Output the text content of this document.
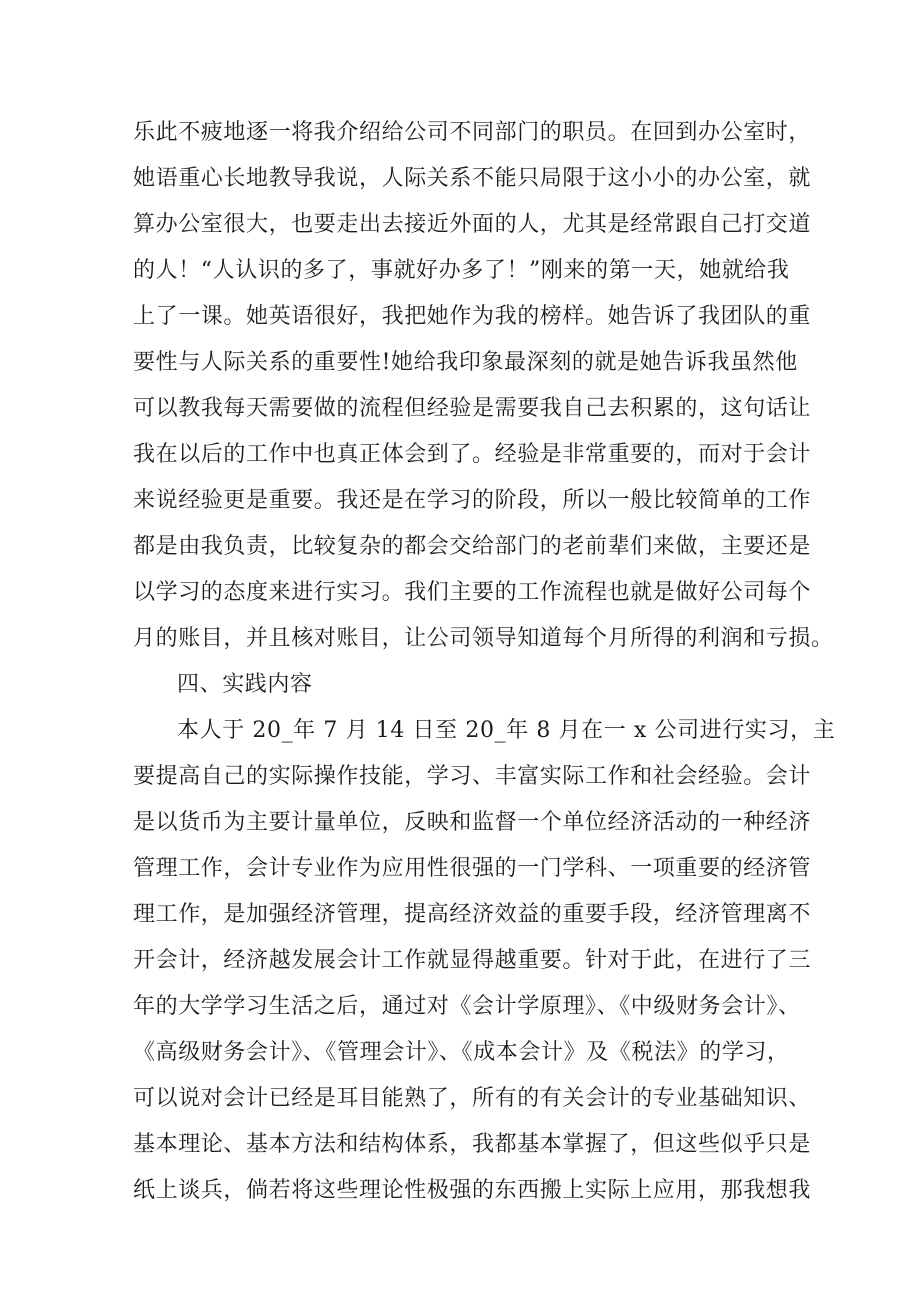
乐此不疲地逐一将我介绍给公司不同部门的职员。在回到办公室时，
她语重心长地教导我说，人际关系不能只局限于这小小的办公室，就
算办公室很大，也要走出去接近外面的人，尤其是经常跟自己打交道
的人！“人认识的多了，事就好办多了！”刚来的第一天，她就给我
上了一课。她英语很好，我把她作为我的榜样。她告诉了我团队的重
要性与人际关系的重要性!她给我印象最深刻的就是她告诉我虽然他
可以教我每天需要做的流程但经验是需要我自己去积累的，这句话让
我在以后的工作中也真正体会到了。经验是非常重要的，而对于会计
来说经验更是重要。我还是在学习的阶段，所以一般比较简单的工作
都是由我负责，比较复杂的都会交给部门的老前辈们来做，主要还是
以学习的态度来进行实习。我们主要的工作流程也就是做好公司每个
月的账目，并且核对账目，让公司领导知道每个月所得的利润和亏损。
四、实践内容
本人于 20_年 7 月 14 日至 20_年 8 月在一 x 公司进行实习，主
要提高自己的实际操作技能，学习、丰富实际工作和社会经验。会计
是以货币为主要计量单位，反映和监督一个单位经济活动的一种经济
管理工作，会计专业作为应用性很强的一门学科、一项重要的经济管
理工作，是加强经济管理，提高经济效益的重要手段，经济管理离不
开会计，经济越发展会计工作就显得越重要。针对于此，在进行了三
年的大学学习生活之后，通过对《会计学原理》、《中级财务会计》、
《高级财务会计》、《管理会计》、《成本会计》及《税法》的学习，
可以说对会计已经是耳目能熟了，所有的有关会计的专业基础知识、
基本理论、基本方法和结构体系，我都基本掌握了，但这些似乎只是
纸上谈兵，倘若将这些理论性极强的东西搬上实际上应用，那我想我
